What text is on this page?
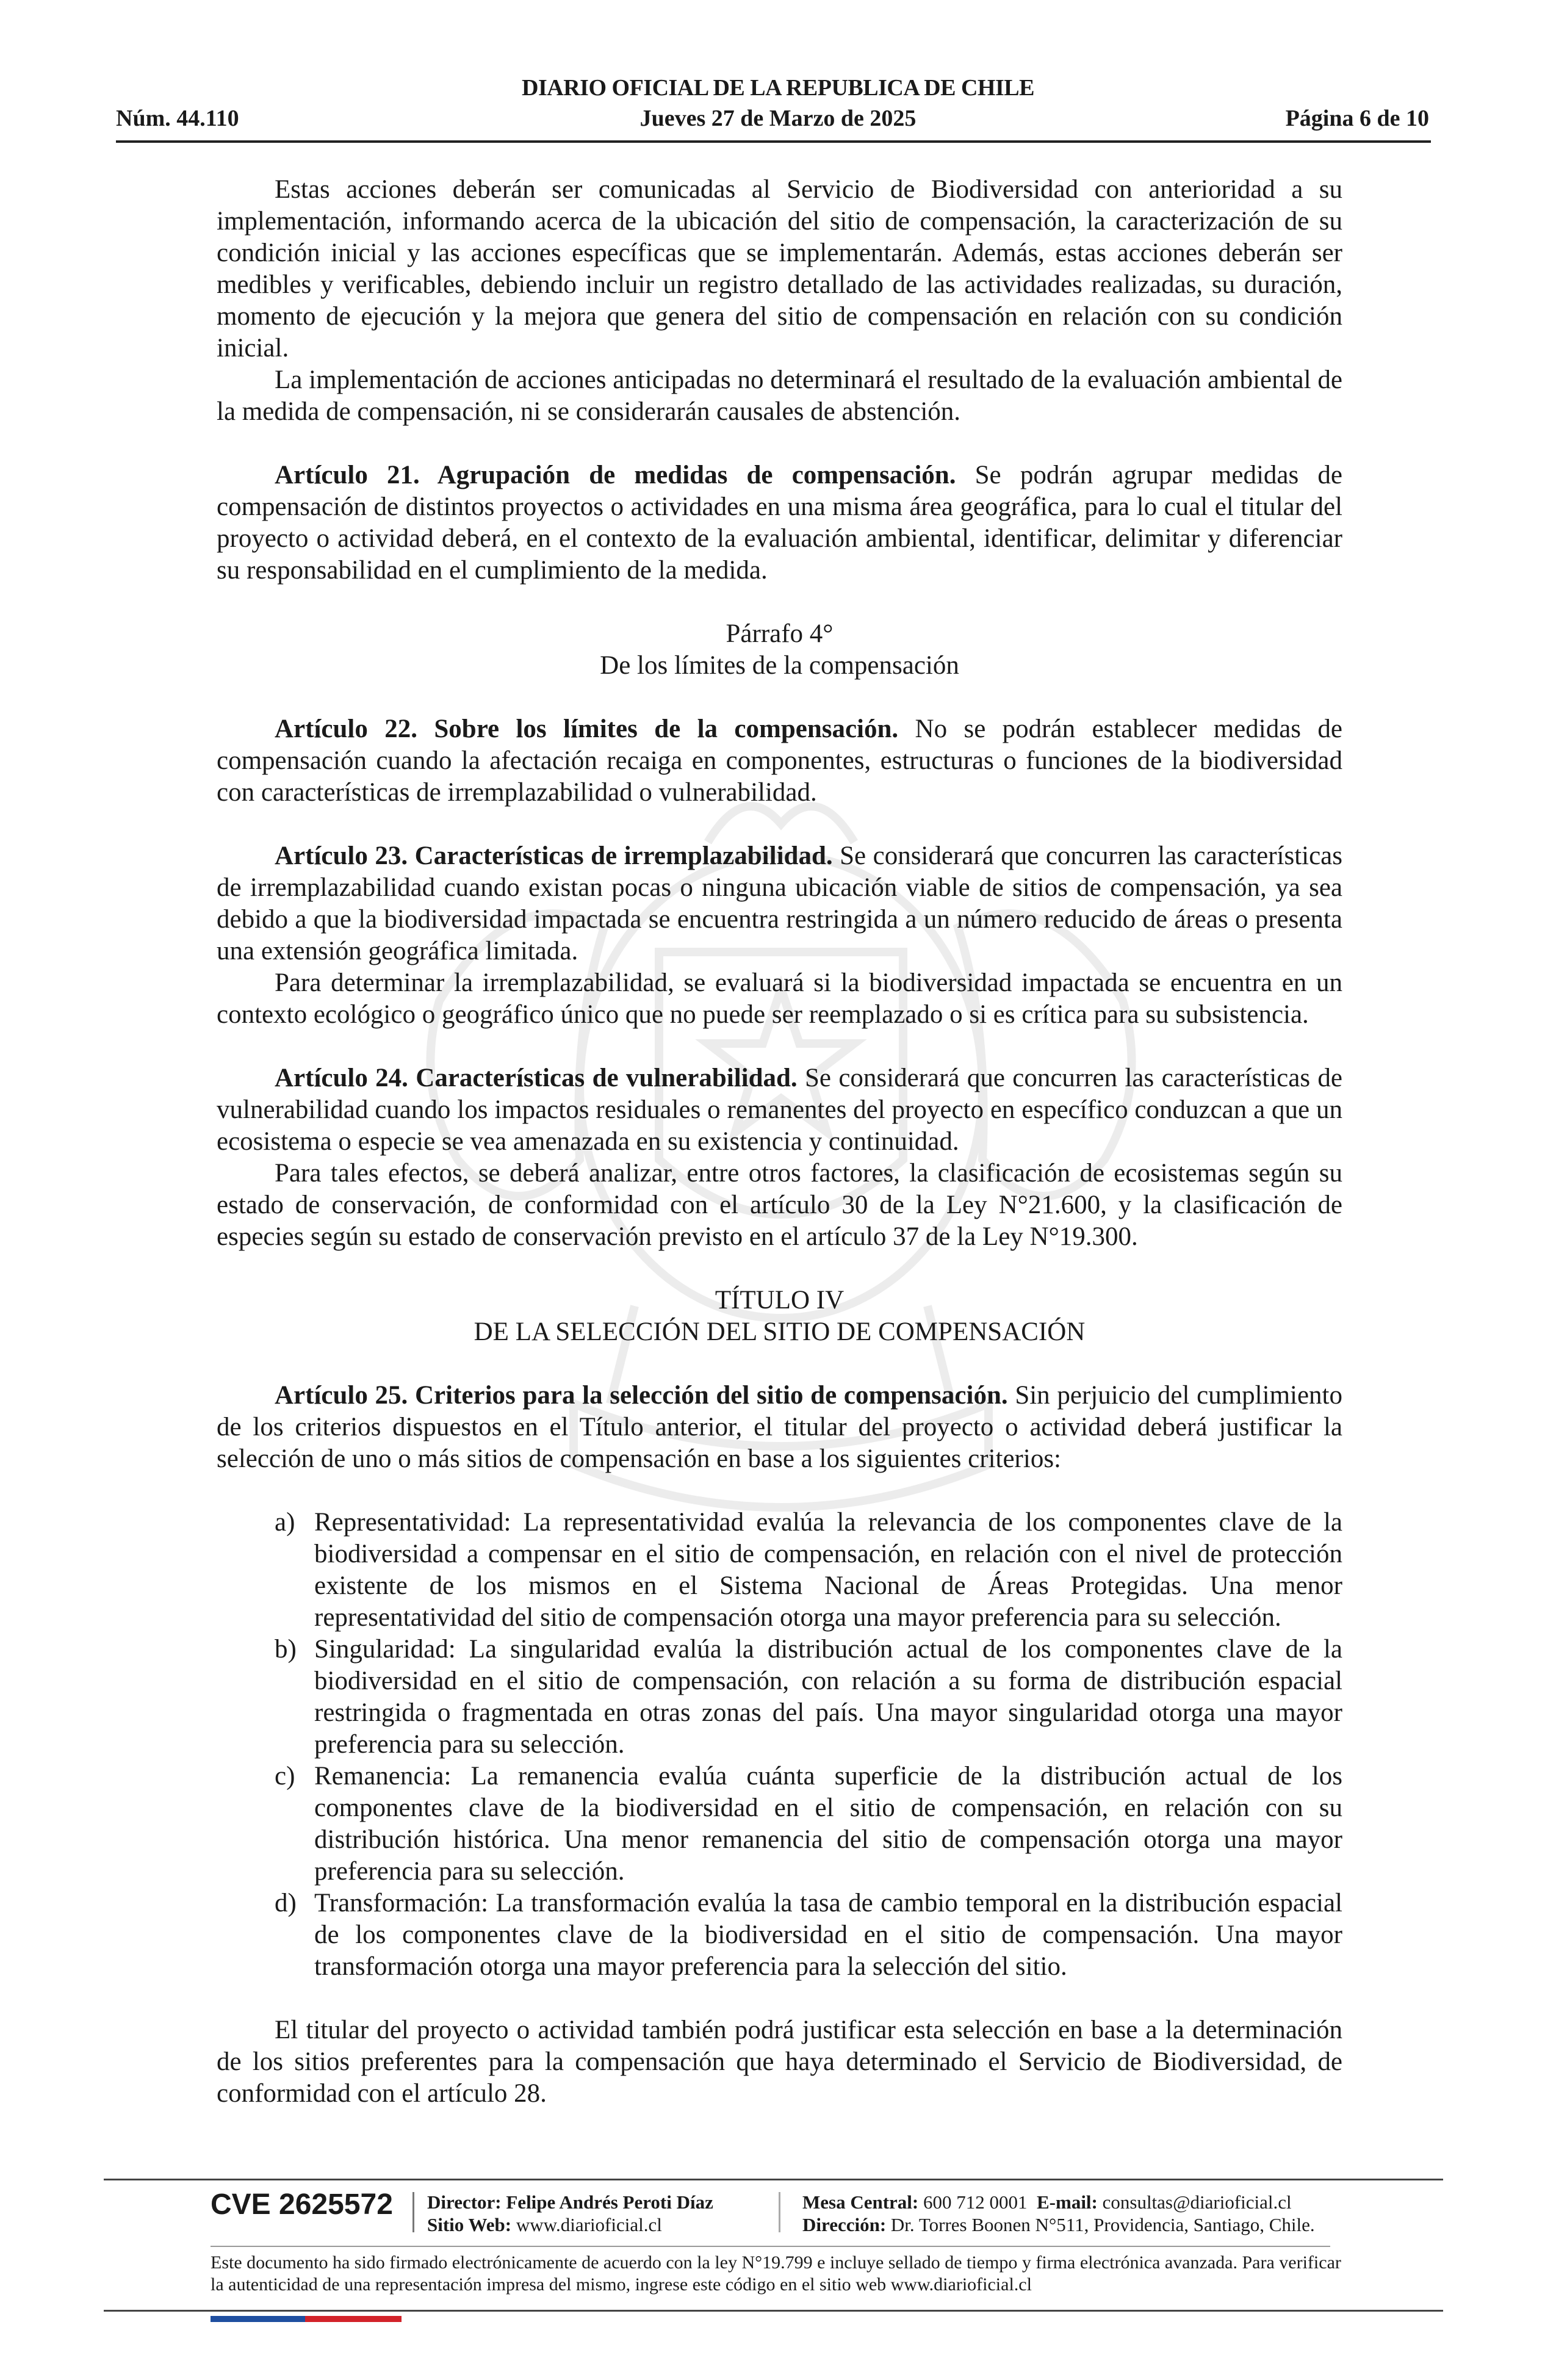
DIARIO OFICIAL DE LA REPUBLICA DE CHILE
Núm. 44.110	Jueves 27 de Marzo de 2025	Página 6 de 10

Estas acciones deberán ser comunicadas al Servicio de Biodiversidad con anterioridad a su implementación, informando acerca de la ubicación del sitio de compensación, la caracterización de su condición inicial y las acciones específicas que se implementarán. Además, estas acciones deberán ser medibles y verificables, debiendo incluir un registro detallado de las actividades realizadas, su duración, momento de ejecución y la mejora que genera del sitio de compensación en relación con su condición inicial.

La implementación de acciones anticipadas no determinará el resultado de la evaluación ambiental de la medida de compensación, ni se considerarán causales de abstención.

Artículo 21. Agrupación de medidas de compensación. Se podrán agrupar medidas de compensación de distintos proyectos o actividades en una misma área geográfica, para lo cual el titular del proyecto o actividad deberá, en el contexto de la evaluación ambiental, identificar, delimitar y diferenciar su responsabilidad en el cumplimiento de la medida.

Párrafo 4°

De los límites de la compensación

Artículo 22. Sobre los límites de la compensación. No se podrán establecer medidas de compensación cuando la afectación recaiga en componentes, estructuras o funciones de la biodiversidad con características de irremplazabilidad o vulnerabilidad.

Artículo 23. Características de irremplazabilidad. Se considerará que concurren las características de irremplazabilidad cuando existan pocas o ninguna ubicación viable de sitios de compensación, ya sea debido a que la biodiversidad impactada se encuentra restringida a un número reducido de áreas o presenta una extensión geográfica limitada.

Para determinar la irremplazabilidad, se evaluará si la biodiversidad impactada se encuentra en un contexto ecológico o geográfico único que no puede ser reemplazado o si es crítica para su subsistencia.

Artículo 24. Características de vulnerabilidad. Se considerará que concurren las características de vulnerabilidad cuando los impactos residuales o remanentes del proyecto en específico conduzcan a que un ecosistema o especie se vea amenazada en su existencia y continuidad.

Para tales efectos, se deberá analizar, entre otros factores, la clasificación de ecosistemas según su estado de conservación, de conformidad con el artículo 30 de la Ley N°21.600, y la clasificación de especies según su estado de conservación previsto en el artículo 37 de la Ley N°19.300.

TÍTULO IV

DE LA SELECCIÓN DEL SITIO DE COMPENSACIÓN

Artículo 25. Criterios para la selección del sitio de compensación. Sin perjuicio del cumplimiento de los criterios dispuestos en el Título anterior, el titular del proyecto o actividad deberá justificar la selección de uno o más sitios de compensación en base a los siguientes criterios:

a) Representatividad: La representatividad evalúa la relevancia de los componentes clave de la biodiversidad a compensar en el sitio de compensación, en relación con el nivel de protección existente de los mismos en el Sistema Nacional de Áreas Protegidas. Una menor representatividad del sitio de compensación otorga una mayor preferencia para su selección.
b) Singularidad: La singularidad evalúa la distribución actual de los componentes clave de la biodiversidad en el sitio de compensación, con relación a su forma de distribución espacial restringida o fragmentada en otras zonas del país. Una mayor singularidad otorga una mayor preferencia para su selección.
c) Remanencia: La remanencia evalúa cuánta superficie de la distribución actual de los componentes clave de la biodiversidad en el sitio de compensación, en relación con su distribución histórica. Una menor remanencia del sitio de compensación otorga una mayor preferencia para su selección.
d) Transformación: La transformación evalúa la tasa de cambio temporal en la distribución espacial de los componentes clave de la biodiversidad en el sitio de compensación. Una mayor transformación otorga una mayor preferencia para la selección del sitio.

El titular del proyecto o actividad también podrá justificar esta selección en base a la determinación de los sitios preferentes para la compensación que haya determinado el Servicio de Biodiversidad, de conformidad con el artículo 28.

CVE 2625572 Director: Felipe Andrés Peroti Díaz
Sitio Web: www.diarioficial.cl
Mesa Central: 600 712 0001 E-mail: consultas@diarioficial.cl
Dirección: Dr. Torres Boonen N°511, Providencia, Santiago, Chile.
Este documento ha sido firmado electrónicamente de acuerdo con la ley N°19.799 e incluye sellado de tiempo y firma electrónica avanzada. Para verificar la autenticidad de una representación impresa del mismo, ingrese este código en el sitio web www.diarioficial.cl
